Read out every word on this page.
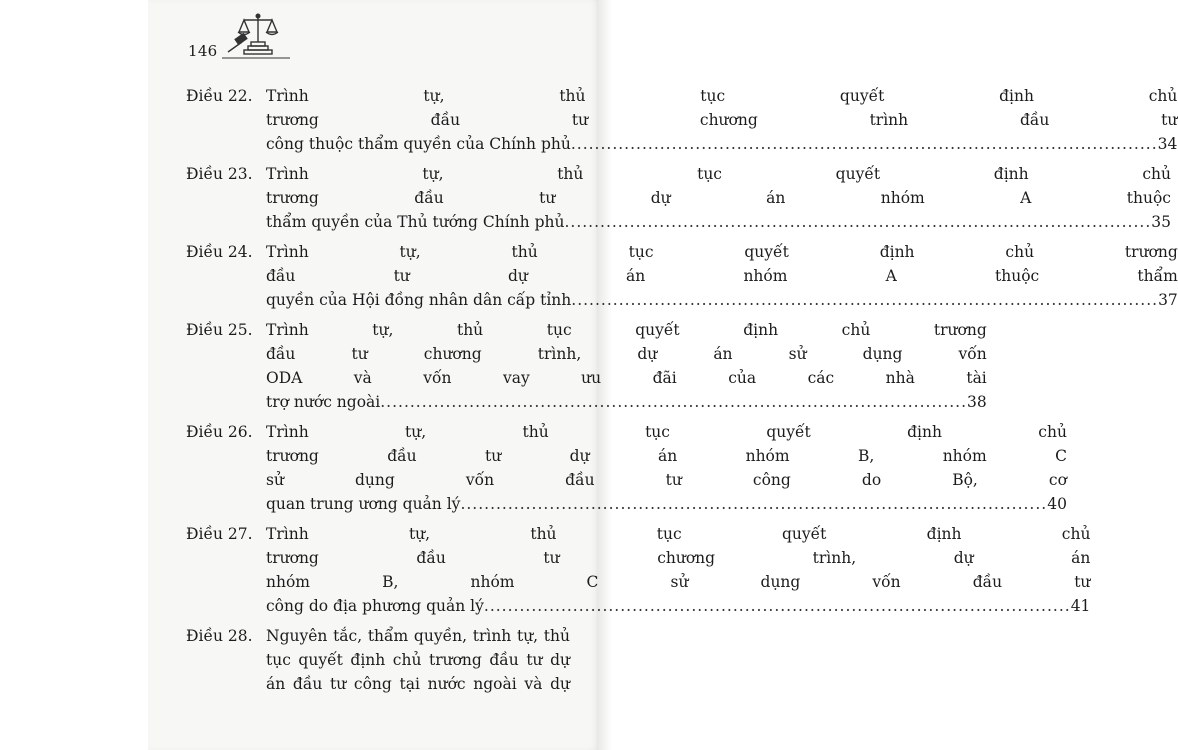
146
Điều 22. Trình tự, thủ tục quyết định chủ
trương đầu tư chương trình đầu tư
công thuộc thẩm quyền của Chính phủ .....	34
Điều 23. Trình tự, thủ tục quyết định chủ
trương đầu tư dự án nhóm A thuộc
thẩm quyền của Thủ tướng Chính phủ .....	35
Điều 24. Trình tự, thủ tục quyết định chủ trương
đầu tư dự án nhóm A thuộc thẩm
quyền của Hội đồng nhân dân cấp tỉnh .....	37
Điều 25. Trình tự, thủ tục quyết định chủ trương
đầu tư chương trình, dự án sử dụng vốn
ODA và vốn vay ưu đãi của các nhà tài
trợ nước ngoài .....	38
Điều 26. Trình tự, thủ tục quyết định chủ
trương đầu tư dự án nhóm B, nhóm C
sử dụng vốn đầu tư công do Bộ, cơ
quan trung ương quản lý .....	40
Điều 27. Trình tự, thủ tục quyết định chủ
trương đầu tư chương trình, dự án
nhóm B, nhóm C sử dụng vốn đầu tư
công do địa phương quản lý .....	41
Điều 28. Nguyên tắc, thẩm quyền, trình tự, thủ
tục quyết định chủ trương đầu tư dự
án đầu tư công tại nước ngoài và dự
